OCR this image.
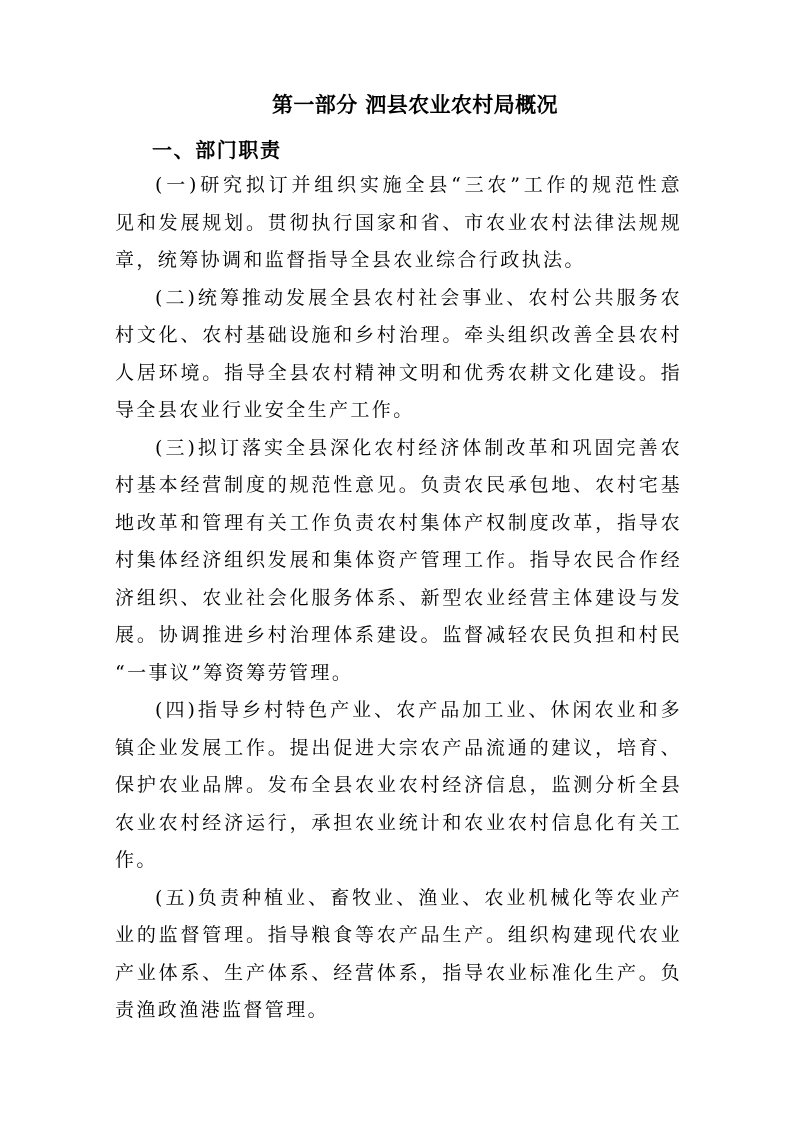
第一部分 泗县农业农村局概况
一、部门职责
(一)研究拟订并组织实施全县“三农”工作的规范性意
见和发展规划。贯彻执行国家和省、市农业农村法律法规规
章，统筹协调和监督指导全县农业综合行政执法。
(二)统筹推动发展全县农村社会事业、农村公共服务农
村文化、农村基础设施和乡村治理。牵头组织改善全县农村
人居环境。指导全县农村精神文明和优秀农耕文化建设。指
导全县农业行业安全生产工作。
(三)拟订落实全县深化农村经济体制改革和巩固完善农
村基本经营制度的规范性意见。负责农民承包地、农村宅基
地改革和管理有关工作负责农村集体产权制度改革，指导农
村集体经济组织发展和集体资产管理工作。指导农民合作经
济组织、农业社会化服务体系、新型农业经营主体建设与发
展。协调推进乡村治理体系建设。监督减轻农民负担和村民
“一事议”筹资筹劳管理。
(四)指导乡村特色产业、农产品加工业、休闲农业和多
镇企业发展工作。提出促进大宗农产品流通的建议，培育、
保护农业品牌。发布全县农业农村经济信息，监测分析全县
农业农村经济运行，承担农业统计和农业农村信息化有关工
作。
(五)负责种植业、畜牧业、渔业、农业机械化等农业产
业的监督管理。指导粮食等农产品生产。组织构建现代农业
产业体系、生产体系、经营体系，指导农业标准化生产。负
责渔政渔港监督管理。
